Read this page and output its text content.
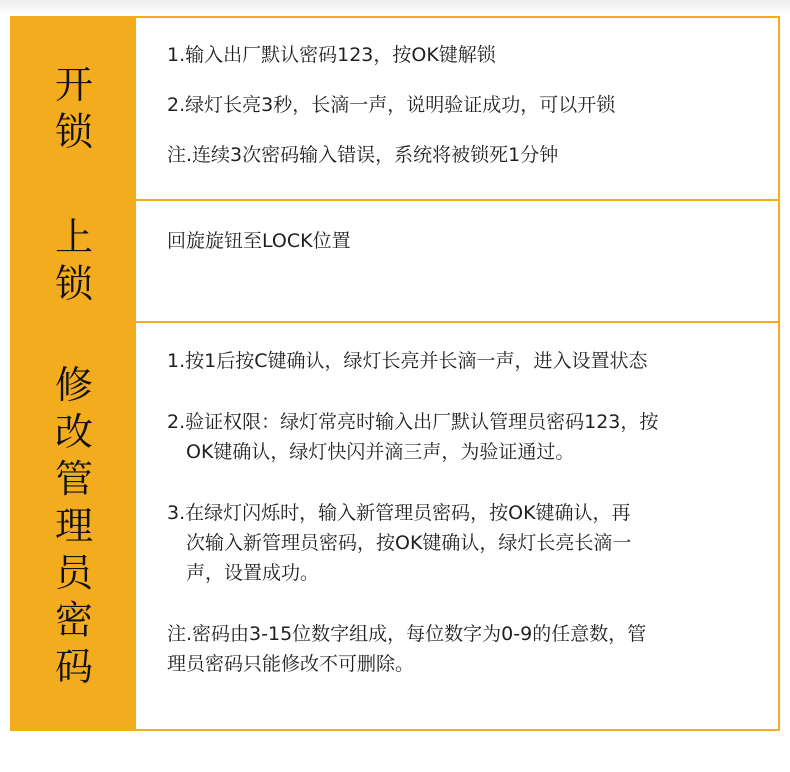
开锁

1.输入出厂默认密码123，按OK键解锁

2.绿灯长亮3秒，长滴一声，说明验证成功，可以开锁

注.连续3次密码输入错误，系统将被锁死1分钟

上锁

回旋旋钮至LOCK位置

修改管理员密码

1.按1后按C键确认，绿灯长亮并长滴一声，进入设置状态

2.验证权限：绿灯常亮时输入出厂默认管理员密码123，按

OK键确认，绿灯快闪并滴三声，为验证通过。

3.在绿灯闪烁时，输入新管理员密码，按OK键确认，再

次输入新管理员密码，按OK键确认，绿灯长亮长滴一

声，设置成功。

注.密码由3-15位数字组成，每位数字为0-9的任意数，管

理员密码只能修改不可删除。
